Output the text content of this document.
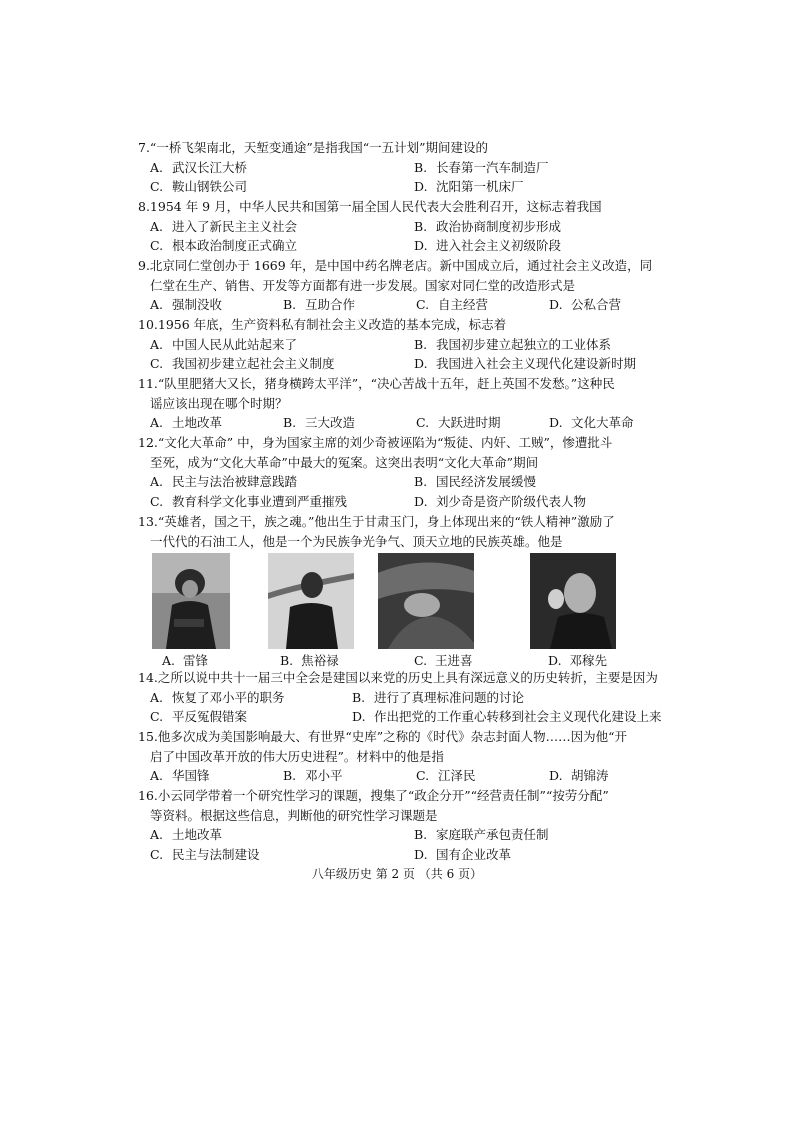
7.“一桥飞架南北，天堑变通途”是指我国“一五计划”期间建设的

A. 武汉长江大桥	B. 长春第一汽车制造厂
C. 鞍山钢铁公司	D. 沈阳第一机床厂

8.1954 年 9 月，中华人民共和国第一届全国人民代表大会胜利召开，这标志着我国

A. 进入了新民主主义社会	B. 政治协商制度初步形成
C. 根本政治制度正式确立	D. 进入社会主义初级阶段

9.北京同仁堂创办于 1669 年，是中国中药名牌老店。新中国成立后，通过社会主义改造，同
仁堂在生产、销售、开发等方面都有进一步发展。国家对同仁堂的改造形式是

A. 强制没收	B. 互助合作	C. 自主经营	D. 公私合营

10.1956 年底，生产资料私有制社会主义改造的基本完成，标志着

A. 中国人民从此站起来了	B. 我国初步建立起独立的工业体系
C. 我国初步建立起社会主义制度	D. 我国进入社会主义现代化建设新时期

11.“队里肥猪大又长，猪身横跨太平洋”，“决心苦战十五年，赶上英国不发愁。”这种民
谣应该出现在哪个时期？

A. 土地改革	B. 三大改造	C. 大跃进时期	D. 文化大革命

12.“文化大革命” 中，身为国家主席的刘少奇被诬陷为“叛徒、内奸、工贼”，惨遭批斗
至死，成为“文化大革命”中最大的冤案。这突出表明“文化大革命”期间

A. 民主与法治被肆意践踏	B. 国民经济发展缓慢
C. 教育科学文化事业遭到严重摧残	D. 刘少奇是资产阶级代表人物

13.“英雄者，国之干，族之魂。”他出生于甘肃玉门，身上体现出来的“铁人精神”激励了
一代代的石油工人，他是一个为民族争光争气、顶天立地的民族英雄。他是

A. 雷锋	B. 焦裕禄	C. 王进喜	D. 邓稼先

14.之所以说中共十一届三中全会是建国以来党的历史上具有深远意义的历史转折，主要是因为

A. 恢复了邓小平的职务	B. 进行了真理标准问题的讨论
C. 平反冤假错案	D. 作出把党的工作重心转移到社会主义现代化建设上来

15.他多次成为美国影响最大、有世界“史库”之称的《时代》杂志封面人物……因为他“开
启了中国改革开放的伟大历史进程”。材料中的他是指

A. 华国锋	B. 邓小平	C. 江泽民	D. 胡锦涛

16.小云同学带着一个研究性学习的课题，搜集了“政企分开”“经营责任制”“按劳分配”
等资料。根据这些信息，判断他的研究性学习课题是

A. 土地改革	B. 家庭联产承包责任制
C. 民主与法制建设	D. 国有企业改革
八年级历史 第 2 页 （共 6 页）
